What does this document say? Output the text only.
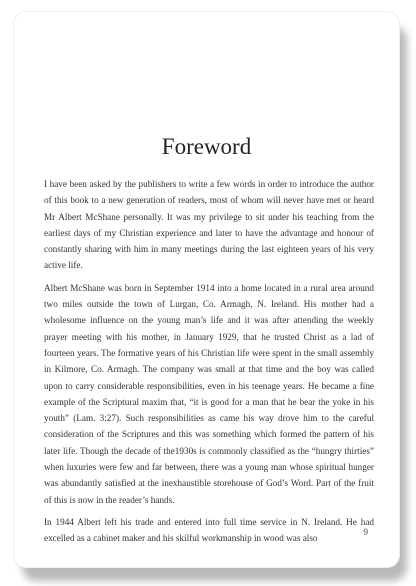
Foreword

I have been asked by the publishers to write a few words in order to introduce the author of this book to a new generation of readers, most of whom will never have met or heard Mr Albert McShane personally. It was my privilege to sit under his teaching from the earliest days of my Christian experience and later to have the advantage and honour of constantly sharing with him in many meetings during the last eighteen years of his very active life.

Albert McShane was born in September 1914 into a home located in a rural area around two miles outside the town of Lurgan, Co. Armagh, N. Ireland. His mother had a wholesome influence on the young man’s life and it was after attending the weekly prayer meeting with his mother, in January 1929, that he trusted Christ as a lad of fourteen years. The formative years of his Christian life were spent in the small assembly in Kilmore, Co. Armagh. The company was small at that time and the boy was called upon to carry considerable responsibilities, even in his teenage years. He became a fine example of the Scriptural maxim that, “it is good for a man that he bear the yoke in his youth” (Lam. 3:27). Such responsibilities as came his way drove him to the careful consideration of the Scriptures and this was something which formed the pattern of his later life. Though the decade of the1930s is commonly classified as the “hungry thirties” when luxuries were few and far between, there was a young man whose spiritual hunger was abundantly satisfied at the inexhaustible storehouse of God’s Word. Part of the fruit of this is now in the reader’s hands.

In 1944 Albert left his trade and entered into full time service in N. Ireland. He had excelled as a cabinet maker and his skilful workmanship in wood was also

9
